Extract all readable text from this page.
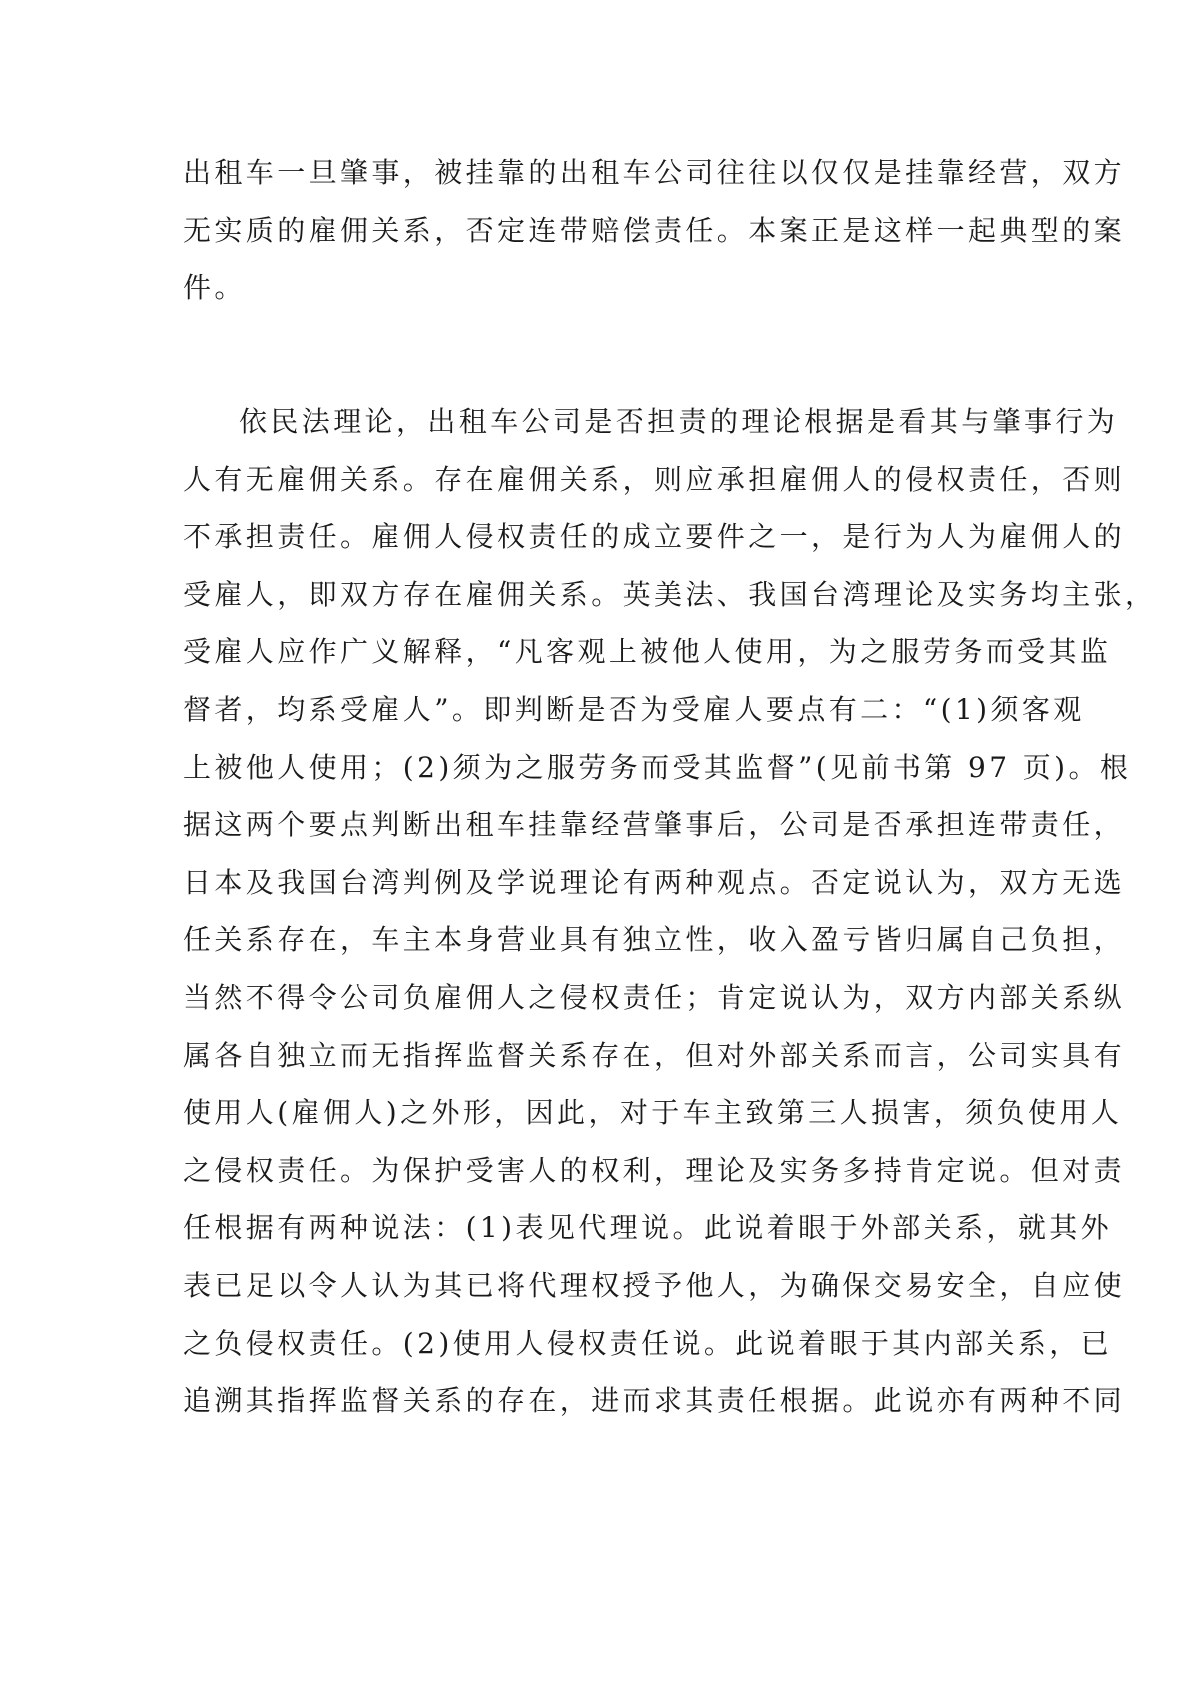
出租车一旦肇事，被挂靠的出租车公司往往以仅仅是挂靠经营，双方
无实质的雇佣关系，否定连带赔偿责任。本案正是这样一起典型的案
件。
依民法理论，出租车公司是否担责的理论根据是看其与肇事行为
人有无雇佣关系。存在雇佣关系，则应承担雇佣人的侵权责任，否则
不承担责任。雇佣人侵权责任的成立要件之一，是行为人为雇佣人的
受雇人，即双方存在雇佣关系。英美法、我国台湾理论及实务均主张，
受雇人应作广义解释，“凡客观上被他人使用，为之服劳务而受其监
督者，均系受雇人”。即判断是否为受雇人要点有二：“(1)须客观
上被他人使用；(2)须为之服劳务而受其监督”(见前书第 97 页)。根
据这两个要点判断出租车挂靠经营肇事后，公司是否承担连带责任，
日本及我国台湾判例及学说理论有两种观点。否定说认为，双方无选
任关系存在，车主本身营业具有独立性，收入盈亏皆归属自己负担，
当然不得令公司负雇佣人之侵权责任；肯定说认为，双方内部关系纵
属各自独立而无指挥监督关系存在，但对外部关系而言，公司实具有
使用人(雇佣人)之外形，因此，对于车主致第三人损害，须负使用人
之侵权责任。为保护受害人的权利，理论及实务多持肯定说。但对责
任根据有两种说法：(1)表见代理说。此说着眼于外部关系，就其外
表已足以令人认为其已将代理权授予他人，为确保交易安全，自应使
之负侵权责任。(2)使用人侵权责任说。此说着眼于其内部关系，已
追溯其指挥监督关系的存在，进而求其责任根据。此说亦有两种不同
